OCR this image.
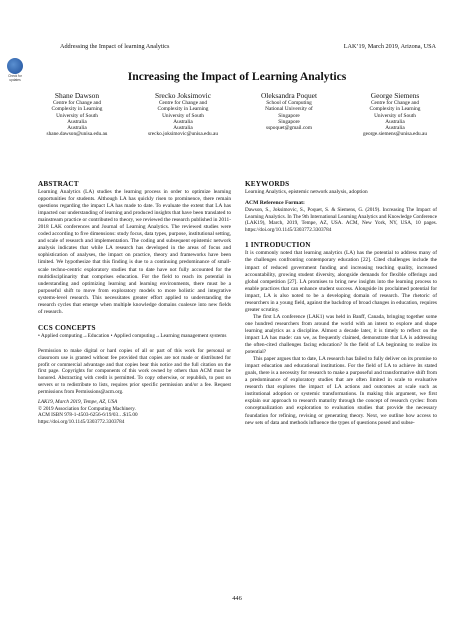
Addressing the Impact of learning Analytics	LAK’19, March 2019, Arizona, USA
Check for updates	Increasing the Impact of Learning Analytics
Shane Dawson
Centre for Change and
Complexity in Learning
University of South
Australia
Australia
shane.dawson@unisa.edu.au
Srecko Joksimovic
Centre for Change and
Complexity in Learning
University of South
Australia
Australia
srecko.joksimovic@unisa.edu.au
Oleksandra Poquet
School of Computing
National University of
Singapore
Singapore
sspoquet@gmail.com
George Siemens
Centre for Change and
Complexity in Learning
University of South
Australia
Australia
george.siemens@unisa.edu.au
ABSTRACT

Learning Analytics (LA) studies the learning process in order to optimize learning opportunities for students. Although LA has quickly risen to prominence, there remain questions regarding the impact LA has made to date. To evaluate the extent that LA has impacted our understanding of learning and produced insights that have been translated to mainstream practice or contributed to theory, we reviewed the research published in 2011-2018 LAK conferences and Journal of Learning Analytics. The reviewed studies were coded according to five dimensions: study focus, data types, purpose, institutional setting, and scale of research and implementation. The coding and subsequent epistemic network analysis indicates that while LA research has developed in the areas of focus and sophistication of analyses, the impact on practice, theory and frameworks have been limited. We hypothesize that this finding is due to a continuing predominance of small-scale techno-centric exploratory studies that to date have not fully accounted for the multidisciplinarity that comprises education. For the field to reach its potential in understanding and optimizing learning and learning environments, there must be a purposeful shift to move from exploratory models to more holistic and integrative systems-level research. This necessitates greater effort applied to understanding the research cycles that emerge when multiple knowledge domains coalesce into new fields of research.

CCS CONCEPTS

• Applied computing→Education • Applied computing→Learning management systems

Permission to make digital or hard copies of all or part of this work for personal or classroom use is granted without fee provided that copies are not made or distributed for profit or commercial advantage and that copies bear this notice and the full citation on the first page. Copyrights for components of this work owned by others than ACM must be honored. Abstracting with credit is permitted. To copy otherwise, or republish, to post on servers or to redistribute to lists, requires prior specific permission and/or a fee. Request permissions from Permissions@acm.org.

LAK19, March 2019, Tempe, AZ, USA

© 2019 Association for Computing Machinery.

ACM ISBN 978-1-4503-6256-6/19/03…$15.00

https://doi.org/10.1145/3303772.3303784

KEYWORDS

Learning Analytics, epistemic network analysis, adoption

ACM Reference Format:

Dawson, S., Joksimovic, S., Poquet, S. & Siemens, G. (2019). Increasing The Impact of Learning Analytics. In The 9th International Learning Analytics and Knowledge Conference (LAK19), March, 2019, Tempe, AZ, USA. ACM, New York, NY, USA, 10 pages. https://doi.org/10.1145/3303772.3303784

1 INTRODUCTION

It is commonly noted that learning analytics (LA) has the potential to address many of the challenges confronting contemporary education [22]. Cited challenges include the impact of reduced government funding and increasing teaching quality, increased accountability, growing student diversity, alongside demands for flexible offerings and global competition [27]. LA promises to bring new insights into the learning process to enable practices that can enhance student success. Alongside its proclaimed potential for impact, LA is also noted to be a developing domain of research. The rhetoric of researchers in a young field, against the backdrop of broad changes in education, requires greater scrutiny.

The first LA conference (LAK1) was held in Banff, Canada, bringing together some one hundred researchers from around the world with an intent to explore and shape learning analytics as a discipline. Almost a decade later, it is timely to reflect on the impact LA has made: can we, as frequently claimed, demonstrate that LA is addressing the often-cited challenges facing education? Is the field of LA beginning to realize its potential?

This paper argues that to date, LA research has failed to fully deliver on its promise to impact education and educational institutions. For the field of LA to achieve its stated goals, there is a necessity for research to make a purposeful and transformative shift from a predominance of exploratory studies that are often limited in scale to evaluative research that explores the impact of LA actions and outcomes at scale such as institutional adoption or systemic transformations. In making this argument, we first explain our approach to research maturity through the concept of research cycles: from conceptualization and exploration to evaluation studies that provide the necessary foundation for refining, revising or generating theory. Next, we outline how access to new sets of data and methods influence the types of questions posed and subse-

446
